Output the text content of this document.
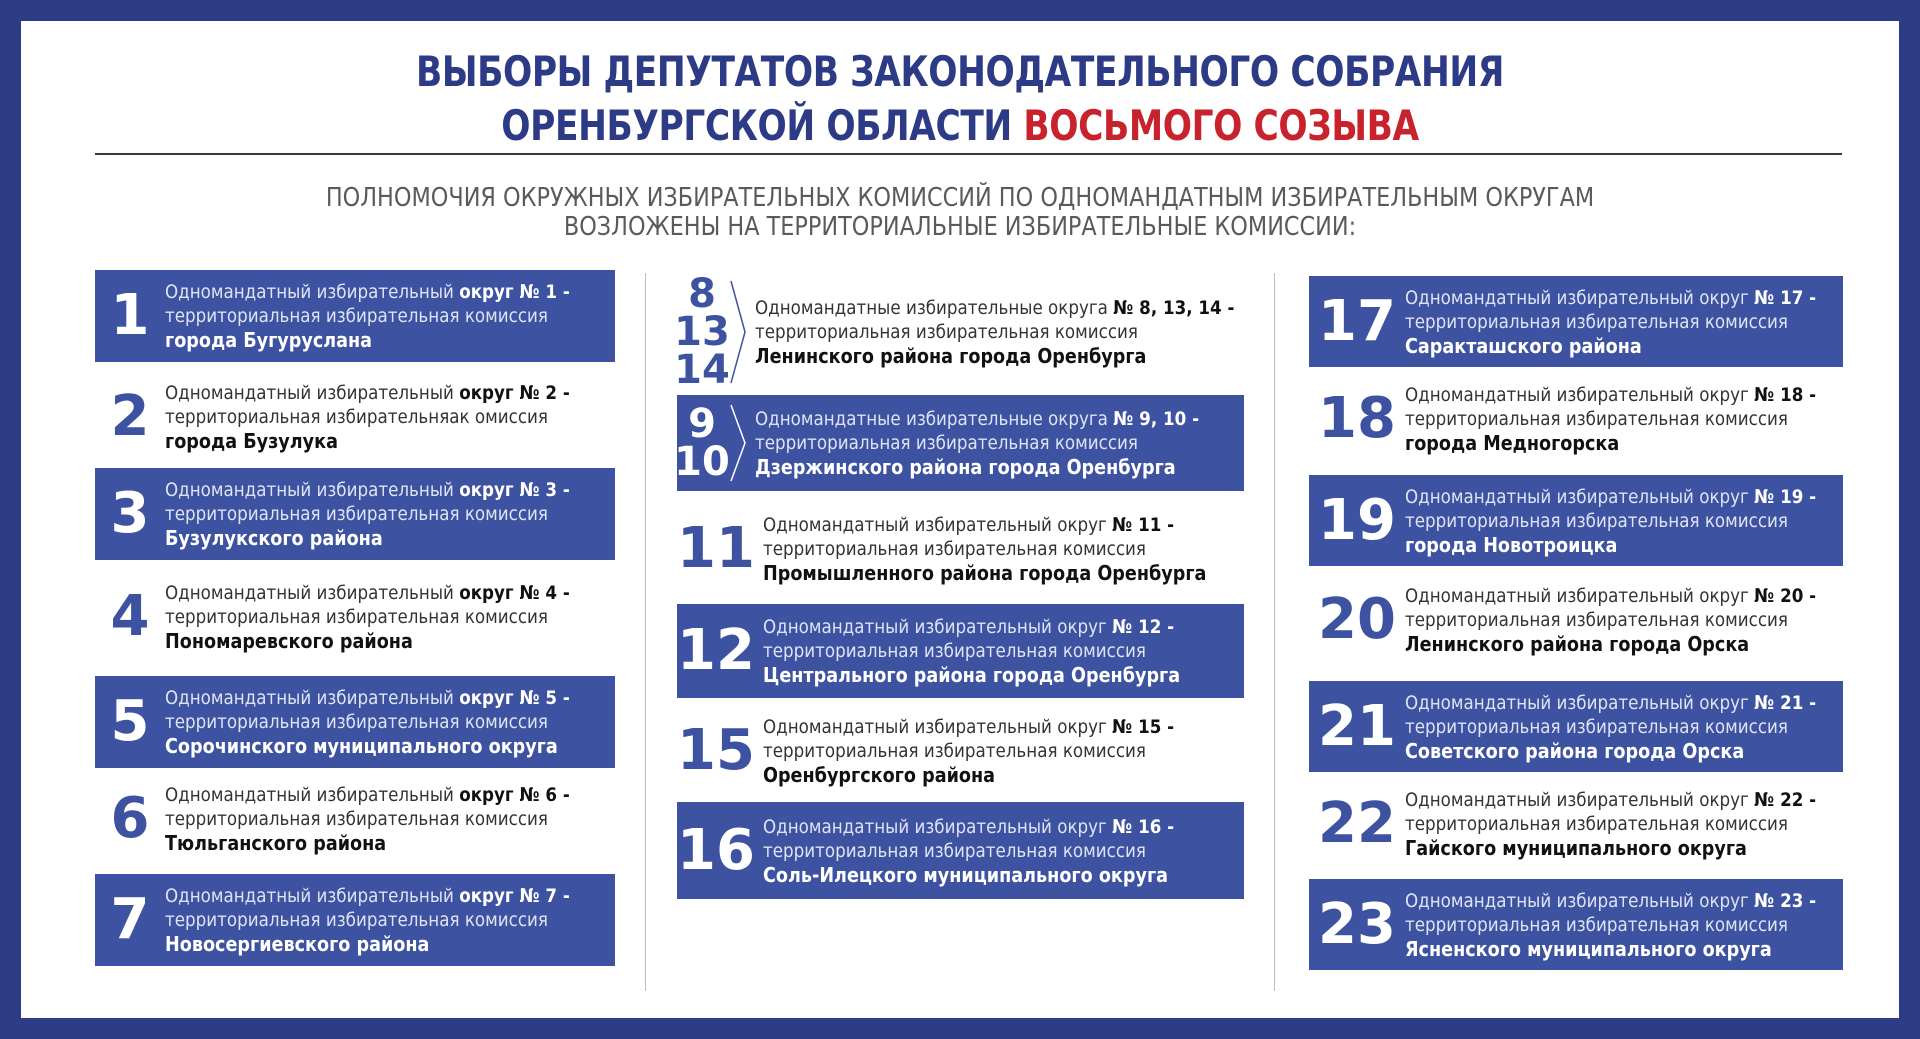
ВЫБОРЫ ДЕПУТАТОВ ЗАКОНОДАТЕЛЬНОГО СОБРАНИЯ
ОРЕНБУРГСКОЙ ОБЛАСТИ ВОСЬМОГО СОЗЫВА
ПОЛНОМОЧИЯ ОКРУЖНЫХ ИЗБИРАТЕЛЬНЫХ КОМИССИЙ ПО ОДНОМАНДАТНЫМ ИЗБИРАТЕЛЬНЫМ ОКРУГАМ
ВОЗЛОЖЕНЫ НА ТЕРРИТОРИАЛЬНЫЕ ИЗБИРАТЕЛЬНЫЕ КОМИССИИ:
1 Одномандатный избирательный округ № 1 -
территориальная избирательная комиссия
города Бугуруслана
2 Одномандатный избирательный округ № 2 -
территориальная избирательняак омиссия
города Бузулука
3 Одномандатный избирательный округ № 3 -
территориальная избирательная комиссия
Бузулукского района
4 Одномандатный избирательный округ № 4 -
территориальная избирательная комиссия
Пономаревского района
5 Одномандатный избирательный округ № 5 -
территориальная избирательная комиссия
Сорочинского муниципального округа
6 Одномандатный избирательный округ № 6 -
территориальная избирательная комиссия
Тюльганского района
7 Одномандатный избирательный округ № 7 -
территориальная избирательная комиссия
Новосергиевского района
8
13
14
Одномандатные избирательные округа № 8, 13, 14 -
территориальная избирательная комиссия
Ленинского района города Оренбурга
9
10
Одномандатные избирательные округа № 9, 10 -
территориальная избирательная комиссия
Дзержинского района города Оренбурга
11 Одномандатный избирательный округ № 11 -
территориальная избирательная комиссия
Промышленного района города Оренбурга
12 Одномандатный избирательный округ № 12 -
территориальная избирательная комиссия
Центрального района города Оренбурга
15 Одномандатный избирательный округ № 15 -
территориальная избирательная комиссия
Оренбургского района
16 Одномандатный избирательный округ № 16 -
территориальная избирательная комиссия
Соль-Илецкого муниципального округа
17 Одномандатный избирательный округ № 17 -
территориальная избирательная комиссия
Саракташского района
18 Одномандатный избирательный округ № 18 -
территориальная избирательная комиссия
города Медногорска
19 Одномандатный избирательный округ № 19 -
территориальная избирательная комиссия
города Новотроицка
20 Одномандатный избирательный округ № 20 -
территориальная избирательная комиссия
Ленинского района города Орска
21 Одномандатный избирательный округ № 21 -
территориальная избирательная комиссия
Советского района города Орска
22 Одномандатный избирательный округ № 22 -
территориальная избирательная комиссия
Гайского муниципального округа
23 Одномандатный избирательный округ № 23 -
территориальная избирательная комиссия
Ясненского муниципального округа
